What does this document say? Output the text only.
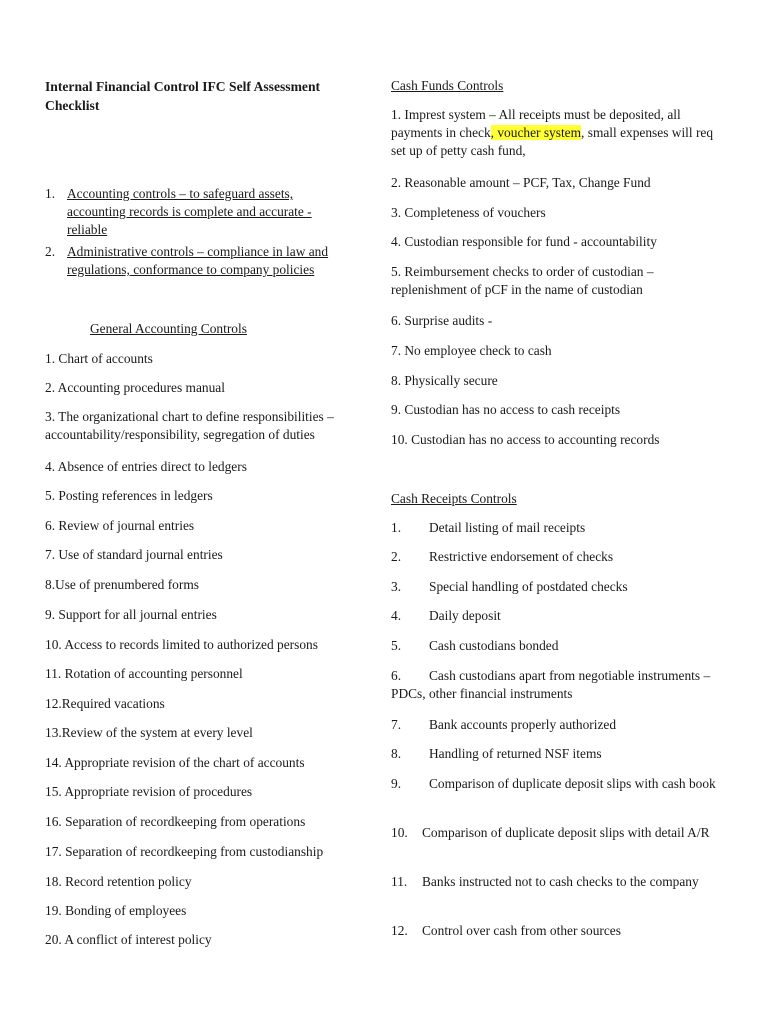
Internal Financial Control IFC Self Assessment Checklist
1. Accounting controls – to safeguard assets, accounting records is complete and accurate - reliable
2. Administrative controls – compliance in law and regulations, conformance to company policies
General Accounting Controls
1. Chart of accounts
2. Accounting procedures manual
3. The organizational chart to define responsibilities – accountability/responsibility, segregation of duties
4. Absence of entries direct to ledgers
5. Posting references in ledgers
6. Review of journal entries
7. Use of standard journal entries
8.Use of prenumbered forms
9. Support for all journal entries
10. Access to records limited to authorized persons
11. Rotation of accounting personnel
12.Required vacations
13.Review of the system at every level
14. Appropriate revision of the chart of accounts
15. Appropriate revision of procedures
16. Separation of recordkeeping from operations
17. Separation of recordkeeping from custodianship
18. Record retention policy
19. Bonding of employees
20. A conflict of interest policy
Cash Funds Controls
1. Imprest system – All receipts must be deposited, all payments in check, voucher system, small expenses will req set up of petty cash fund,
2. Reasonable amount – PCF, Tax, Change Fund
3. Completeness of vouchers
4. Custodian responsible for fund - accountability
5. Reimbursement checks to order of custodian – replenishment of pCF in the name of custodian
6. Surprise audits -
7. No employee check to cash
8. Physically secure
9. Custodian has no access to cash receipts
10. Custodian has no access to accounting records
Cash Receipts Controls
1. Detail listing of mail receipts
2. Restrictive endorsement of checks
3. Special handling of postdated checks
4. Daily deposit
5. Cash custodians bonded
6. Cash custodians apart from negotiable instruments – PDCs, other financial instruments
7. Bank accounts properly authorized
8. Handling of returned NSF items
9. Comparison of duplicate deposit slips with cash book
10. Comparison of duplicate deposit slips with detail A/R
11. Banks instructed not to cash checks to the company
12. Control over cash from other sources
